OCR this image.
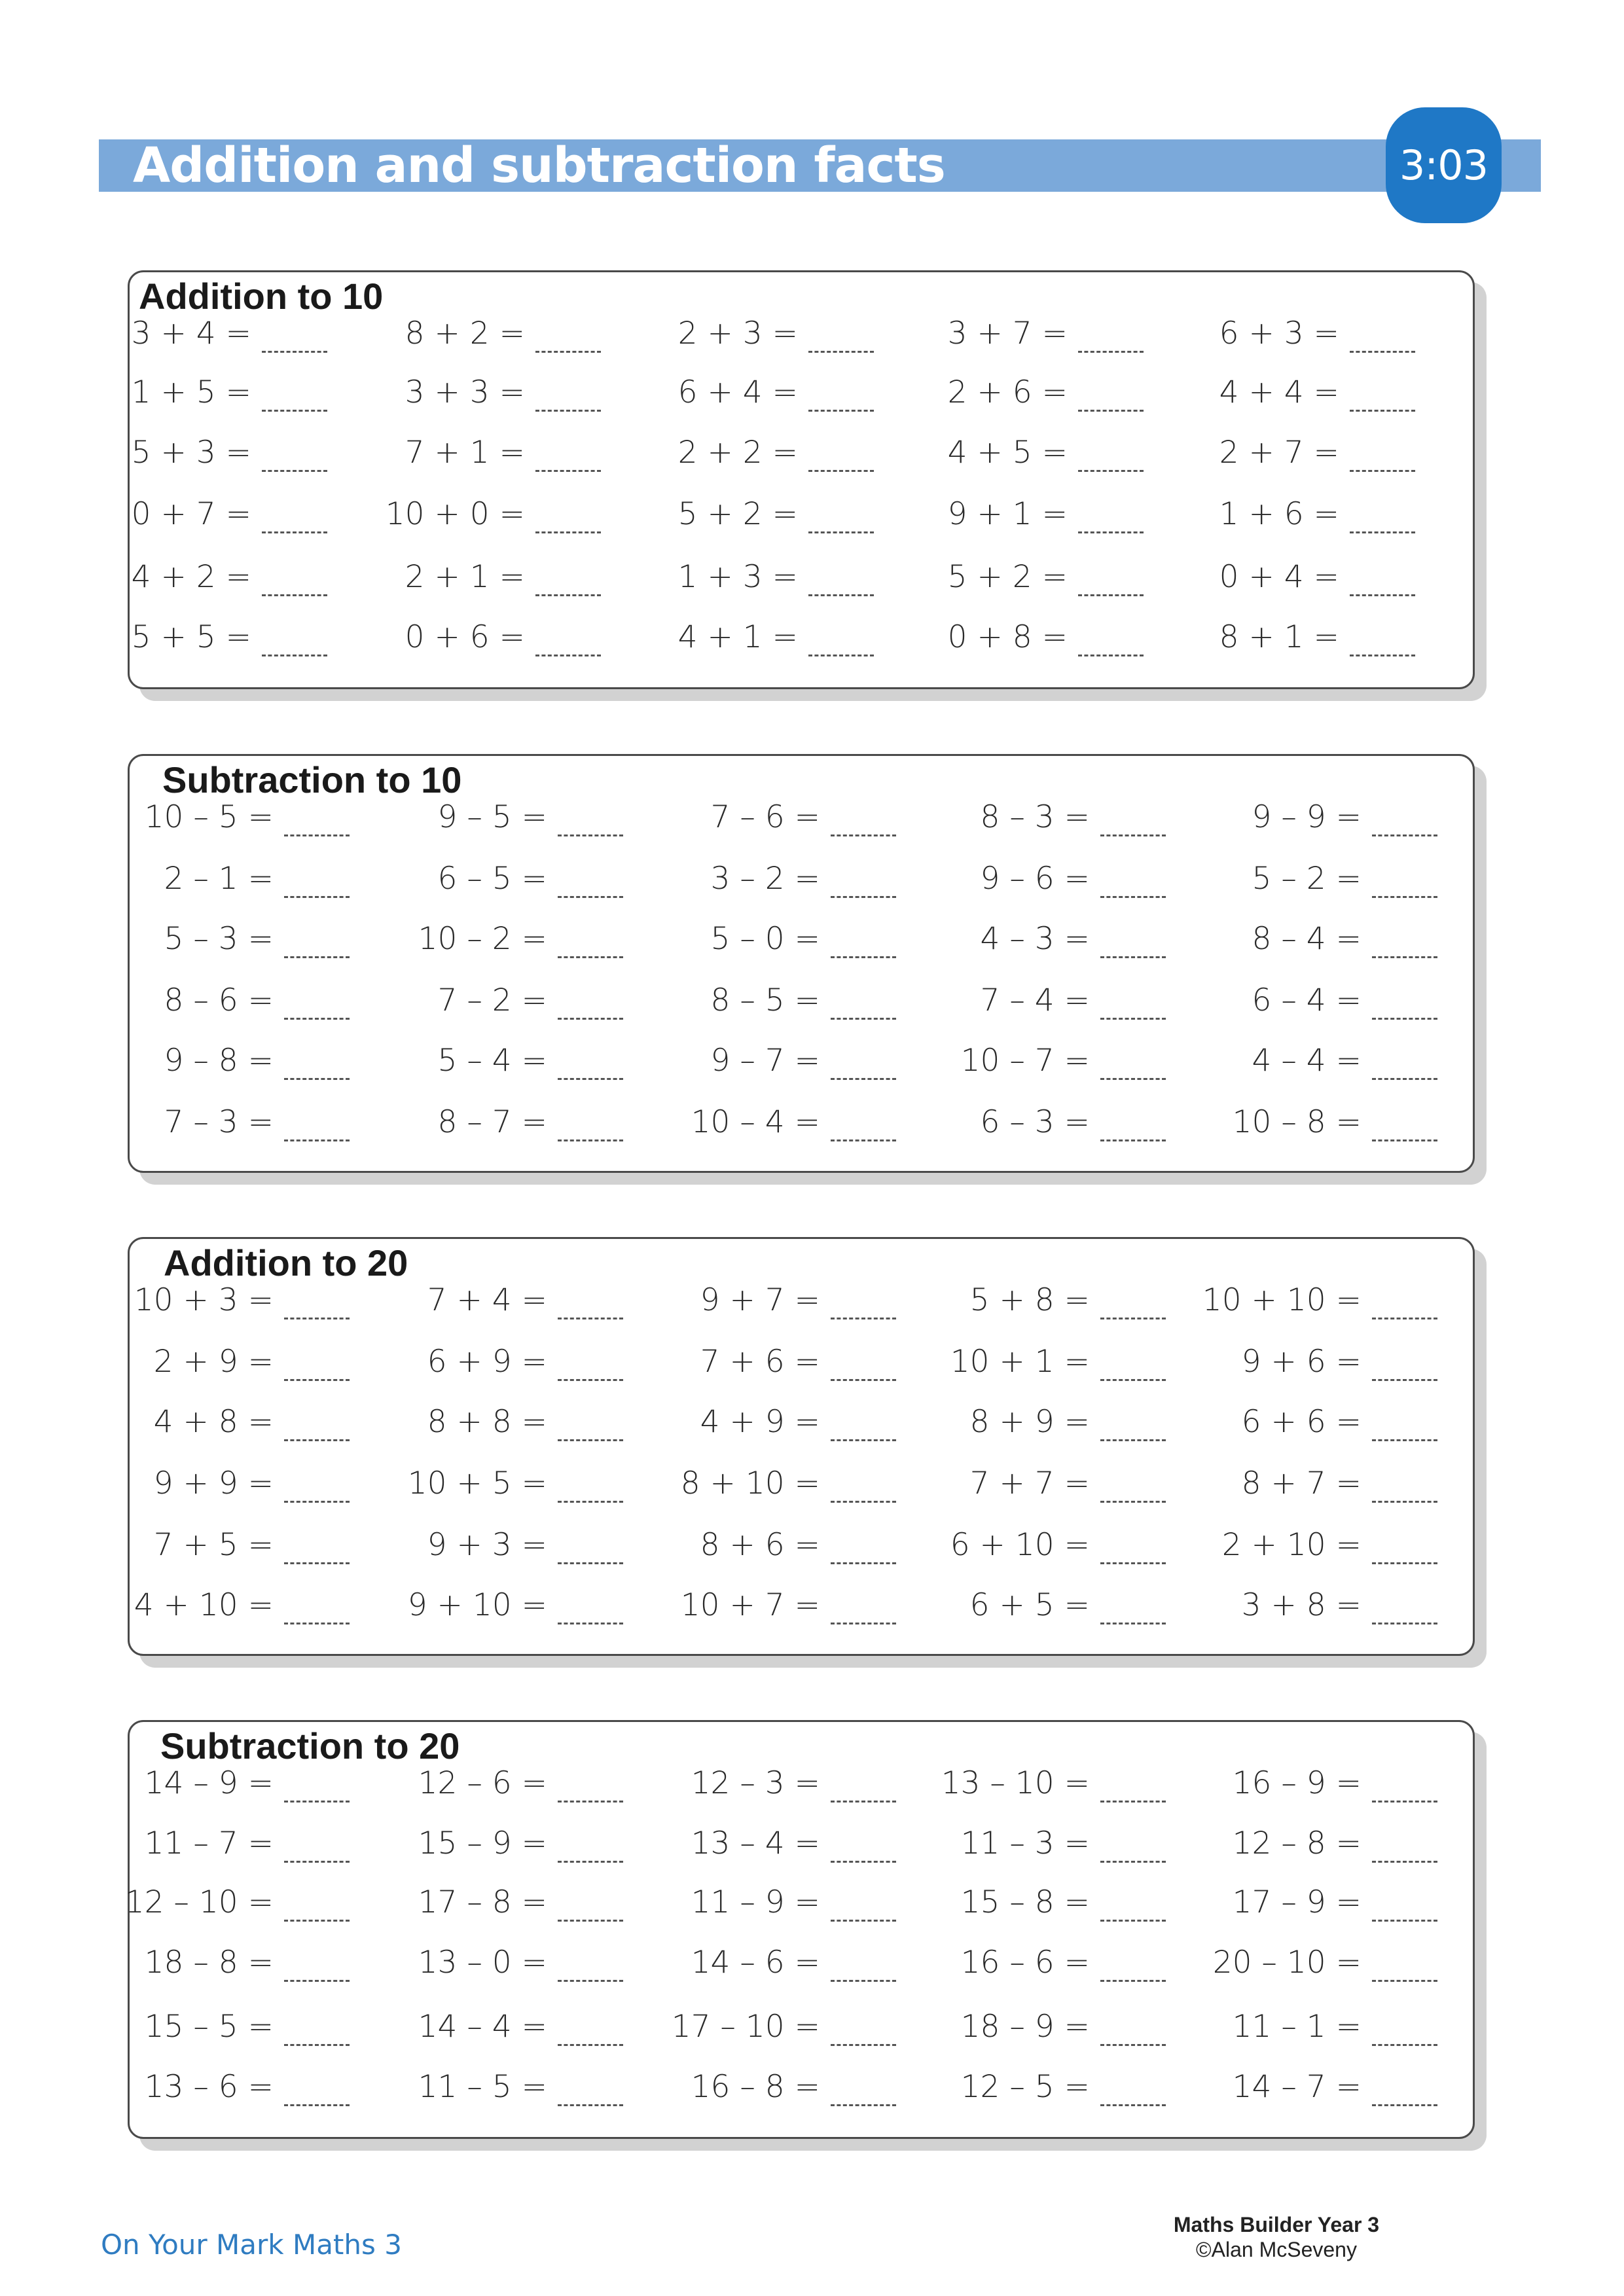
Addition and subtraction facts	3:03
Addition to 10
3 + 4 =	8 + 2 =	2 + 3 =	3 + 7 =	6 + 3 =
1 + 5 =	3 + 3 =	6 + 4 =	2 + 6 =	4 + 4 =
5 + 3 =	7 + 1 =	2 + 2 =	4 + 5 =	2 + 7 =
0 + 7 =	10 + 0 =	5 + 2 =	9 + 1 =	1 + 6 =
4 + 2 =	2 + 1 =	1 + 3 =	5 + 2 =	0 + 4 =
5 + 5 =	0 + 6 =	4 + 1 =	0 + 8 =	8 + 1 =
Subtraction to 10
10 – 5 =	9 – 5 =	7 – 6 =	8 – 3 =	9 – 9 =
2 – 1 =	6 – 5 =	3 – 2 =	9 – 6 =	5 – 2 =
5 – 3 =	10 – 2 =	5 – 0 =	4 – 3 =	8 – 4 =
8 – 6 =	7 – 2 =	8 – 5 =	7 – 4 =	6 – 4 =
9 – 8 =	5 – 4 =	9 – 7 =	10 – 7 =	4 – 4 =
7 – 3 =	8 – 7 =	10 – 4 =	6 – 3 =	10 – 8 =
Addition to 20
10 + 3 =	7 + 4 =	9 + 7 =	5 + 8 =	10 + 10 =
2 + 9 =	6 + 9 =	7 + 6 =	10 + 1 =	9 + 6 =
4 + 8 =	8 + 8 =	4 + 9 =	8 + 9 =	6 + 6 =
9 + 9 =	10 + 5 =	8 + 10 =	7 + 7 =	8 + 7 =
7 + 5 =	9 + 3 =	8 + 6 =	6 + 10 =	2 + 10 =
4 + 10 =	9 + 10 =	10 + 7 =	6 + 5 =	3 + 8 =
Subtraction to 20
14 – 9 =	12 – 6 =	12 – 3 =	13 – 10 =	16 – 9 =
11 – 7 =	15 – 9 =	13 – 4 =	11 – 3 =	12 – 8 =
12 – 10 =	17 – 8 =	11 – 9 =	15 – 8 =	17 – 9 =
18 – 8 =	13 – 0 =	14 – 6 =	16 – 6 =	20 – 10 =
15 – 5 =	14 – 4 =	17 – 10 =	18 – 9 =	11 – 1 =
13 – 6 =	11 – 5 =	16 – 8 =	12 – 5 =	14 – 7 =
On Your Mark Maths 3
Maths Builder Year 3
©Alan McSeveny
